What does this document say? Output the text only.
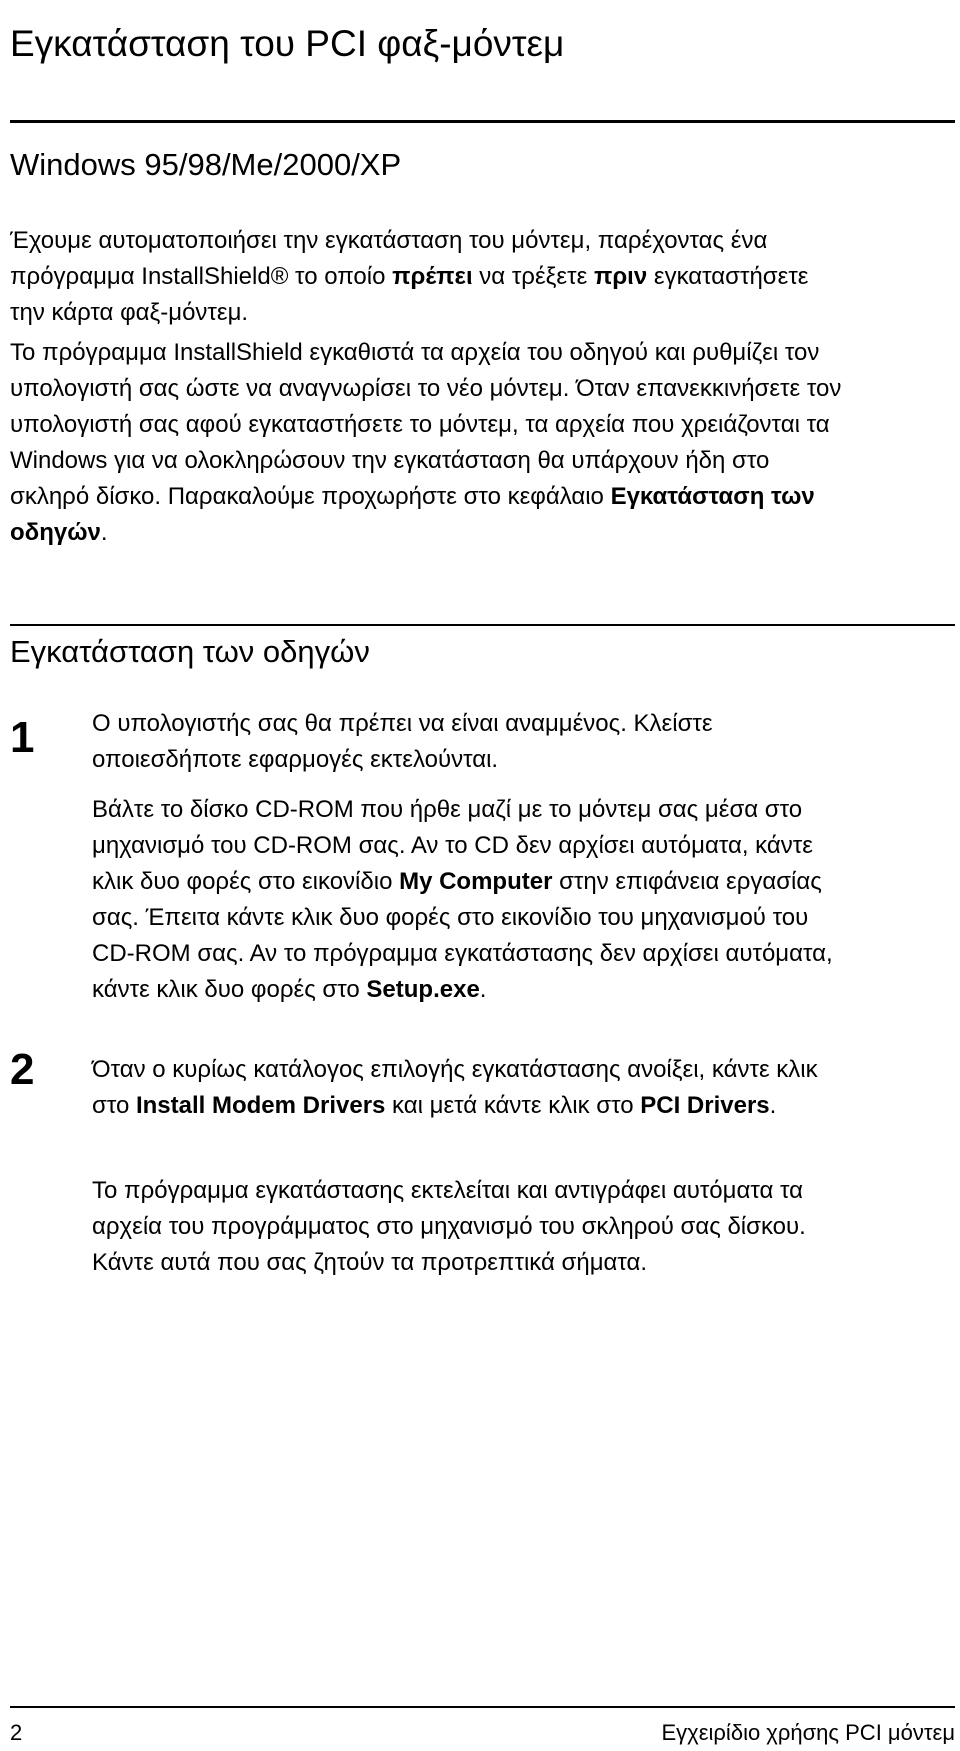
Εγκατάσταση του PCI φαξ-μόντεμ
Windows 95/98/Me/2000/XP

Έχουμε αυτοματοποιήσει την εγκατάσταση του μόντεμ, παρέχοντας ένα πρόγραμμα InstallShield® το οποίο πρέπει να τρέξετε πριν εγκαταστήσετε την κάρτα φαξ-μόντεμ.

Το πρόγραμμα InstallShield εγκαθιστά τα αρχεία του οδηγού και ρυθμίζει τον υπολογιστή σας ώστε να αναγνωρίσει το νέο μόντεμ. Όταν επανεκκινήσετε τον υπολογιστή σας αφού εγκαταστήσετε το μόντεμ, τα αρχεία που χρειάζονται τα Windows για να ολοκληρώσουν την εγκατάσταση θα υπάρχουν ήδη στο σκληρό δίσκο. Παρακαλούμε προχωρήστε στο κεφάλαιο Εγκατάσταση των οδηγών.

Εγκατάσταση των οδηγών
1 Ο υπολογιστής σας θα πρέπει να είναι αναμμένος. Κλείστε οποιεσδήποτε εφαρμογές εκτελούνται.

Βάλτε το δίσκο CD-ROM που ήρθε μαζί με το μόντεμ σας μέσα στο μηχανισμό του CD-ROM σας. Αν το CD δεν αρχίσει αυτόματα, κάντε κλικ δυο φορές στο εικονίδιο My Computer στην επιφάνεια εργασίας σας. Έπειτα κάντε κλικ δυο φορές στο εικονίδιο του μηχανισμού του CD-ROM σας. Αν το πρόγραμμα εγκατάστασης δεν αρχίσει αυτόματα, κάντε κλικ δυο φορές στο Setup.exe.

2 Όταν ο κυρίως κατάλογος επιλογής εγκατάστασης ανοίξει, κάντε κλικ στο Install Modem Drivers και μετά κάντε κλικ στο PCI Drivers.

Το πρόγραμμα εγκατάστασης εκτελείται και αντιγράφει αυτόματα τα αρχεία του προγράμματος στο μηχανισμό του σκληρού σας δίσκου. Κάντε αυτά που σας ζητούν τα προτρεπτικά σήματα.

2	Εγχειρίδιο χρήσης PCI μόντεμ
